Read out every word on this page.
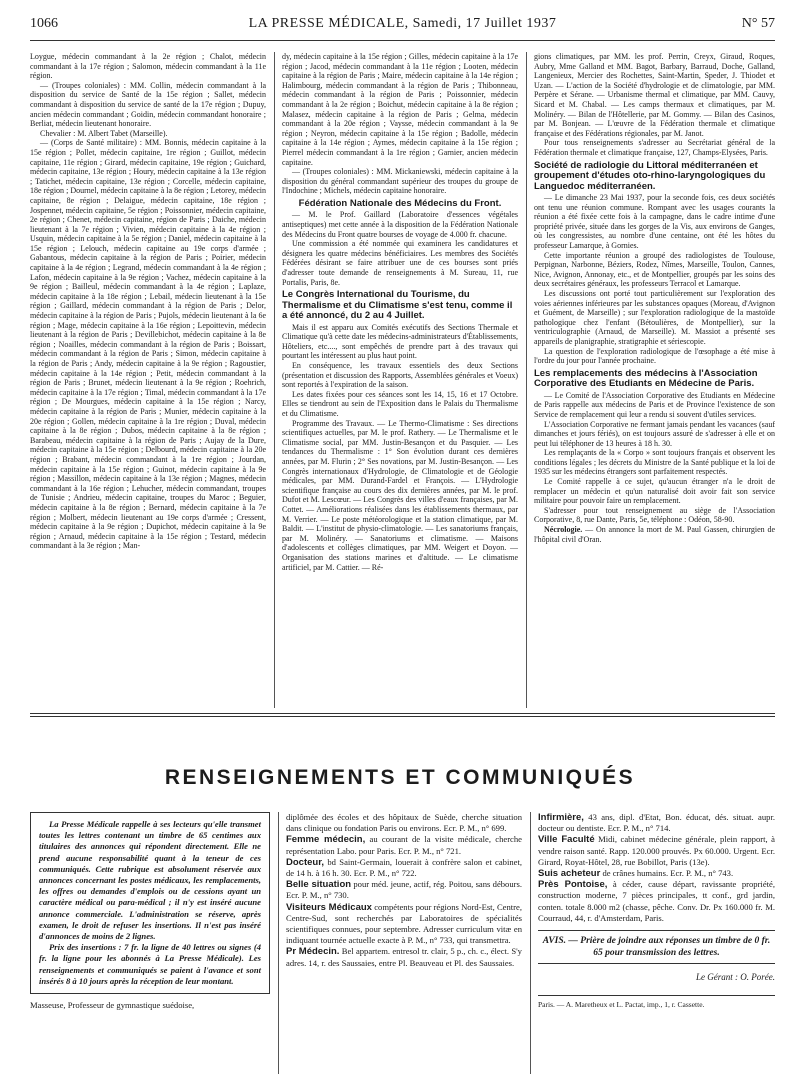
1066	LA PRESSE MÉDICALE, Samedi, 17 Juillet 1937	N° 57

Loygue, médecin commandant à la 2e région ; Chalot, médecin commandant à la 17e région ; Salomon, médecin commandant à la 11e région.

— (Troupes coloniales) : MM. Collin, médecin commandant à la disposition du service de Santé de la 15e région ; Sallet, médecin commandant à disposition du service de santé de la 17e région ; Dupuy, ancien médecin commandant ; Goidin, médecin commandant honoraire ; Berliat, médecin lieutenant honoraire.

Chevalier : M. Albert Tabet (Marseille).

— (Corps de Santé militaire) : MM. Bonnis, médecin capitaine à la 15e région ; Pollet, médecin capitaine, 1re région ; Guillot, médecin capitaine, 11e région ; Girard, médecin capitaine, 19e région ; Guichard, médecin capitaine, 13e région ; Houry, médecin capitaine à la 13e région ; Tatichet, médecin capitaine, 13e région ; Corcelle, médecin capitaine, 18e région ; Dournel, médecin capitaine à la 8e région ; Letorey, médecin capitaine, 8e région ; Delaigue, médecin capitaine, 18e région ; Jospennet, médecin capitaine, 5e région ; Poissonnier, médecin capitaine, 2e région ; Chenet, médecin capitaine, région de Paris ; Daiche, médecin lieutenant à la 7e région ; Vivien, médecin capitaine à la 4e région ; Usquin, médecin capitaine à la 5e région ; Daniel, médecin capitaine à la 15e région ; Lelouch, médecin capitaine au 19e corps d'armée ; Gabantous, médecin capitaine à la région de Paris ; Poirier, médecin capitaine à la 4e région ; Legrand, médecin commandant à la 4e région ; Lafon, médecin capitaine à la 9e région ; Vachez, médecin capitaine à la 9e région ; Bailleul, médecin commandant à la 4e région ; Laplaze, médecin capitaine à la 18e région ; Lebail, médecin lieutenant à la 15e région ; Gaillard, médecin commandant à la région de Paris ; Delor, médecin capitaine à la région de Paris ; Pujols, médecin lieutenant à la 6e région ; Mage, médecin capitaine à la 16e région ; Lepoittevin, médecin lieutenant à la région de Paris ; Devillebichot, médecin capitaine à la 8e région ; Noailles, médecin commandant à la région de Paris ; Boissart, médecin commandant à la région de Paris ; Simon, médecin capitaine à la région de Paris ; Andy, médecin capitaine à la 9e région ; Ragoustier, médecin capitaine à la 14e région ; Petit, médecin commandant à la région de Paris ; Brunet, médecin lieutenant à la 9e région ; Roehrich, médecin capitaine à la 17e région ; Timal, médecin commandant à la 17e région ; De Mourgues, médecin capitaine à la 15e région ; Narcy, médecin capitaine à la région de Paris ; Munier, médecin capitaine à la 20e région ; Gollen, médecin capitaine à la 1re région ; Duval, médecin capitaine à la 8e région ; Dubos, médecin capitaine à la 8e région ; Barabeau, médecin capitaine à la région de Paris ; Aujay de la Dure, médecin capitaine à la 15e région ; Delbourd, médecin capitaine à la 20e région ; Brabant, médecin commandant à la 1re région ; Jourdan, médecin capitaine à la 15e région ; Guinot, médecin capitaine à la 9e région ; Massillon, médecin capitaine à la 13e région ; Magnes, médecin commandant à la 16e région ; Lehucher, médecin commandant, troupes de Tunisie ; Andrieu, médecin capitaine, troupes du Maroc ; Beguier, médecin capitaine à la 8e région ; Bernard, médecin capitaine à la 7e région ; Molbert, médecin lieutenant au 19e corps d'armée ; Cressent, médecin capitaine à la 9e région ; Dupichot, médecin capitaine à la 9e région ; Arnaud, médecin capitaine à la 15e région ; Testard, médecin commandant à la 3e région ; Man-

dy, médecin capitaine à la 15e région ; Gilles, médecin capitaine à la 17e région ; Jacod, médecin commandant à la 11e région ; Looten, médecin capitaine à la région de Paris ; Maire, médecin capitaine à la 14e région ; Halimbourg, médecin commandant à la région de Paris ; Thibonneau, médecin commandant à la région de Paris ; Poissonnier, médecin commandant à la 2e région ; Boichut, médecin capitaine à la 8e région ; Malasez, médecin capitaine à la région de Paris ; Gelma, médecin commandant à la 20e région ; Vaysse, médecin commandant à la 9e région ; Neyron, médecin capitaine à la 15e région ; Badolle, médecin capitaine à la 14e région ; Aymes, médecin capitaine à la 15e région ; Pierrel médecin commandant à la 1re région ; Garnier, ancien médecin capitaine.

— (Troupes coloniales) : MM. Mickaniewski, médecin capitaine à la disposition du général commandant supérieur des troupes du groupe de l'Indochine ; Michels, médecin capitaine honoraire.

Fédération Nationale des Médecins du Front.

— M. le Prof. Gaillard (Laboratoire d'essences végétales antiseptiques) met cette année à la disposition de la Fédération Nationale des Médecins du Front quatre bourses de voyage de 4.000 fr. chacune.

Une commission a été nommée qui examinera les candidatures et désignera les quatre médecins bénéficiaires. Les membres des Sociétés Fédérées désirant se faire attribuer une de ces bourses sont priés d'adresser toute demande de renseignements à M. Sureau, 11, rue Portalis, Paris, 8e.

Le Congrès International du Tourisme, du Thermalisme et du Climatisme s'est tenu, comme il a été annoncé, du 2 au 4 Juillet.

Mais il est apparu aux Comités exécutifs des Sections Thermale et Climatique qu'à cette date les médecins-administrateurs d'Établissements, Hôteliers, etc...., sont empêchés de prendre part à des travaux qui pourtant les intéressent au plus haut point.

En conséquence, les travaux essentiels des deux Sections (présentation et discussion des Rapports, Assemblées générales et Voeux) sont reportés à l'expiration de la saison.

Les dates fixées pour ces séances sont les 14, 15, 16 et 17 Octobre. Elles se tiendront au sein de l'Exposition dans le Palais du Thermalisme et du Climatisme.

Programme des Travaux. — Le Thermo-Climatisme : Ses directions scientifiques actuelles, par M. le prof. Rathery. — Le Thermalisme et le Climatisme social, par MM. Justin-Besançon et du Pasquier. — Les tendances du Thermalisme : 1° Son évolution durant ces dernières années, par M. Flurin ; 2° Ses novations, par M. Justin-Besançon. — Les Congrès internationaux d'Hydrologie, de Climatologie et de Géologie médicales, par MM. Durand-Fardel et François. — L'Hydrologie scientifique française au cours des dix dernières années, par M. le prof. Dufot et M. Lescœur. — Les Congrès des villes d'eaux françaises, par M. Cottet. — Améliorations réalisées dans les établissements thermaux, par M. Verrier. — Le poste météorologique et la station climatique, par M. Baldit. — L'institut de physio-climatologie. — Les sanatoriums français, par M. Molinéry. — Sanatoriums et climatisme. — Maisons d'adolescents et collèges climatiques, par MM. Weigert et Doyon. — Organisation des stations marines et d'altitude. — Le climatisme artificiel, par M. Cattier. — Ré-

gions climatiques, par MM. les prof. Perrin, Creyx, Giraud, Roques, Aubry, Mme Galland et MM. Bagot, Barbary, Barraud, Doche, Galland, Langenieux, Mercier des Rochettes, Saint-Martin, Speder, J. Thiodet et Uzan. — L'action de la Société d'hydrologie et de climatologie, par MM. Perpère et Sérane. — Urbanisme thermal et climatique, par MM. Cauvy, Sicard et M. Chabal. — Les camps thermaux et climatiques, par M. Molinéry. — Bilan de l'Hôtellerie, par M. Gommy. — Bilan des Casinos, par M. Bonjean. — L'œuvre de la Fédération thermale et climatique française et des Fédérations régionales, par M. Janot.

Pour tous renseignements s'adresser au Secrétariat général de la Fédération thermale et climatique française, 127, Champs-Elysées, Paris.

Société de radiologie du Littoral méditerranéen et groupement d'études oto-rhino-laryngologiques du Languedoc méditerranéen.

— Le dimanche 23 Mai 1937, pour la seconde fois, ces deux sociétés ont tenu une réunion commune. Rompant avec les usages courants la réunion a été fixée cette fois à la campagne, dans le cadre intime d'une propriété privée, située dans les gorges de la Vis, aux environs de Ganges, où les congressistes, au nombre d'une centaine, ont été les hôtes du professeur Lamarque, à Gornies.

Cette importante réunion a groupé des radiologistes de Toulouse, Perpignan, Narbonne, Béziers, Rodez, Nîmes, Marseille, Toulon, Cannes, Nice, Avignon, Annonay, etc., et de Montpellier, groupés par les soins des deux secrétaires généraux, les professeurs Terracol et Lamarque.

Les discussions ont porté tout particulièrement sur l'exploration des voies aériennes inférieures par les substances opaques (Moreau, d'Avignon et Guément, de Marseille) ; sur l'exploration radiologique de la mastoïde pathologique chez l'enfant (Bétoulières, de Montpellier), sur la ventriculographie (Arnaud, de Marseille). M. Massiot a présenté ses appareils de planigraphie, stratigraphie et sériescopie.

La question de l'exploration radiologique de l'œsophage a été mise à l'ordre du jour pour l'année prochaine.

Les remplacements des médecins à l'Association Corporative des Etudiants en Médecine de Paris.

— Le Comité de l'Association Corporative des Etudiants en Médecine de Paris rappelle aux médecins de Paris et de Province l'existence de son Service de remplacement qui leur a rendu si souvent d'utiles services.

L'Association Corporative ne fermant jamais pendant les vacances (sauf dimanches et jours fériés), on est toujours assuré de s'adresser à elle et on peut lui téléphoner de 13 heures à 18 h. 30.

Les remplaçants de la « Corpo » sont toujours français et observent les conditions légales ; les décrets du Ministre de la Santé publique et la loi de 1935 sur les médecins étrangers sont parfaitement respectés.

Le Comité rappelle à ce sujet, qu'aucun étranger n'a le droit de remplacer un médecin et qu'un naturalisé doit avoir fait son service militaire pour pouvoir faire un remplacement.

S'adresser pour tout renseignement au siège de l'Association Corporative, 8, rue Dante, Paris, 5e, téléphone : Odéon, 58-90.

Nécrologie. — On annonce la mort de M. Paul Gassen, chirurgien de l'hôpital civil d'Oran.

RENSEIGNEMENTS ET COMMUNIQUÉS

La Presse Médicale rappelle à ses lecteurs qu'elle transmet toutes les lettres contenant un timbre de 65 centimes aux titulaires des annonces qui répondent directement. Elle ne prend aucune responsabilité quant à la teneur de ces communiqués. Cette rubrique est absolument réservée aux annonces concernant les postes médicaux, les remplacements, les offres ou demandes d'emplois ou de cessions ayant un caractère médical ou para-médical ; il n'y est inséré aucune annonce commerciale. L'administration se réserve, après examen, le droit de refuser les insertions. Il n'est pas inséré d'annonces de moins de 2 lignes.

Prix des insertions : 7 fr. la ligne de 40 lettres ou signes (4 fr. la ligne pour les abonnés à La Presse Médicale). Les renseignements et communiqués se paient à l'avance et sont insérés 8 à 10 jours après la réception de leur montant.

Masseuse, Professeur de gymnastique suédoise,

diplômée des écoles et des hôpitaux de Suède, cherche situation dans clinique ou fondation Paris ou environs. Ecr. P. M., n° 699.

Femme médecin, au courant de la visite médicale, cherche représentation Labo. pour Paris. Ecr. P. M., n° 721.

Docteur, bd Saint-Germain, louerait à confrère salon et cabinet, de 14 h. à 16 h. 30. Ecr. P. M., n° 722.

Belle situation pour méd. jeune, actif, rég. Poitou, sans débours. Ecr. P. M., n° 730.

Visiteurs Médicaux compétents pour régions Nord-Est, Centre, Centre-Sud, sont recherchés par Laboratoires de spécialités scientifiques connues, pour septembre. Adresser curriculum vitæ en indiquant tournée actuelle exacte à P. M., n° 733, qui transmettra.

Pr Médecin. Bel appartem. entresol tr. clair, 5 p., ch. c., élect. S'y adres. 14, r. des Saussaies, entre Pl. Beauveau et Pl. des Saussaies.

Infirmière, 43 ans, dipl. d'Etat, Bon. éducat, dés. situat. aupr. docteur ou dentiste. Ecr. P. M., n° 714.

Ville Faculté Midi, cabinet médecine générale, plein rapport, à vendre raison santé. Rapp. 120.000 prouvés. Px 60.000. Urgent. Ecr. Girard, Royat-Hôtel, 28, rue Bobillot, Paris (13e).

Suis acheteur de crânes humains. Ecr. P. M., n° 743.

Près Pontoise, à céder, cause départ, ravissante propriété, construction moderne, 7 pièces principales, tt conf., grd jardin, conten. totale 8.000 m2 (chasse, pêche. Conv. Dr. Px 160.000 fr. M. Courraud, 44, r. d'Amsterdam, Paris.

AVIS. — Prière de joindre aux réponses un timbre de 0 fr. 65 pour transmission des lettres.
Le Gérant : O. Porée.
Paris. — A. Maretheux et L. Pactat, imp., 1, r. Cassette.
